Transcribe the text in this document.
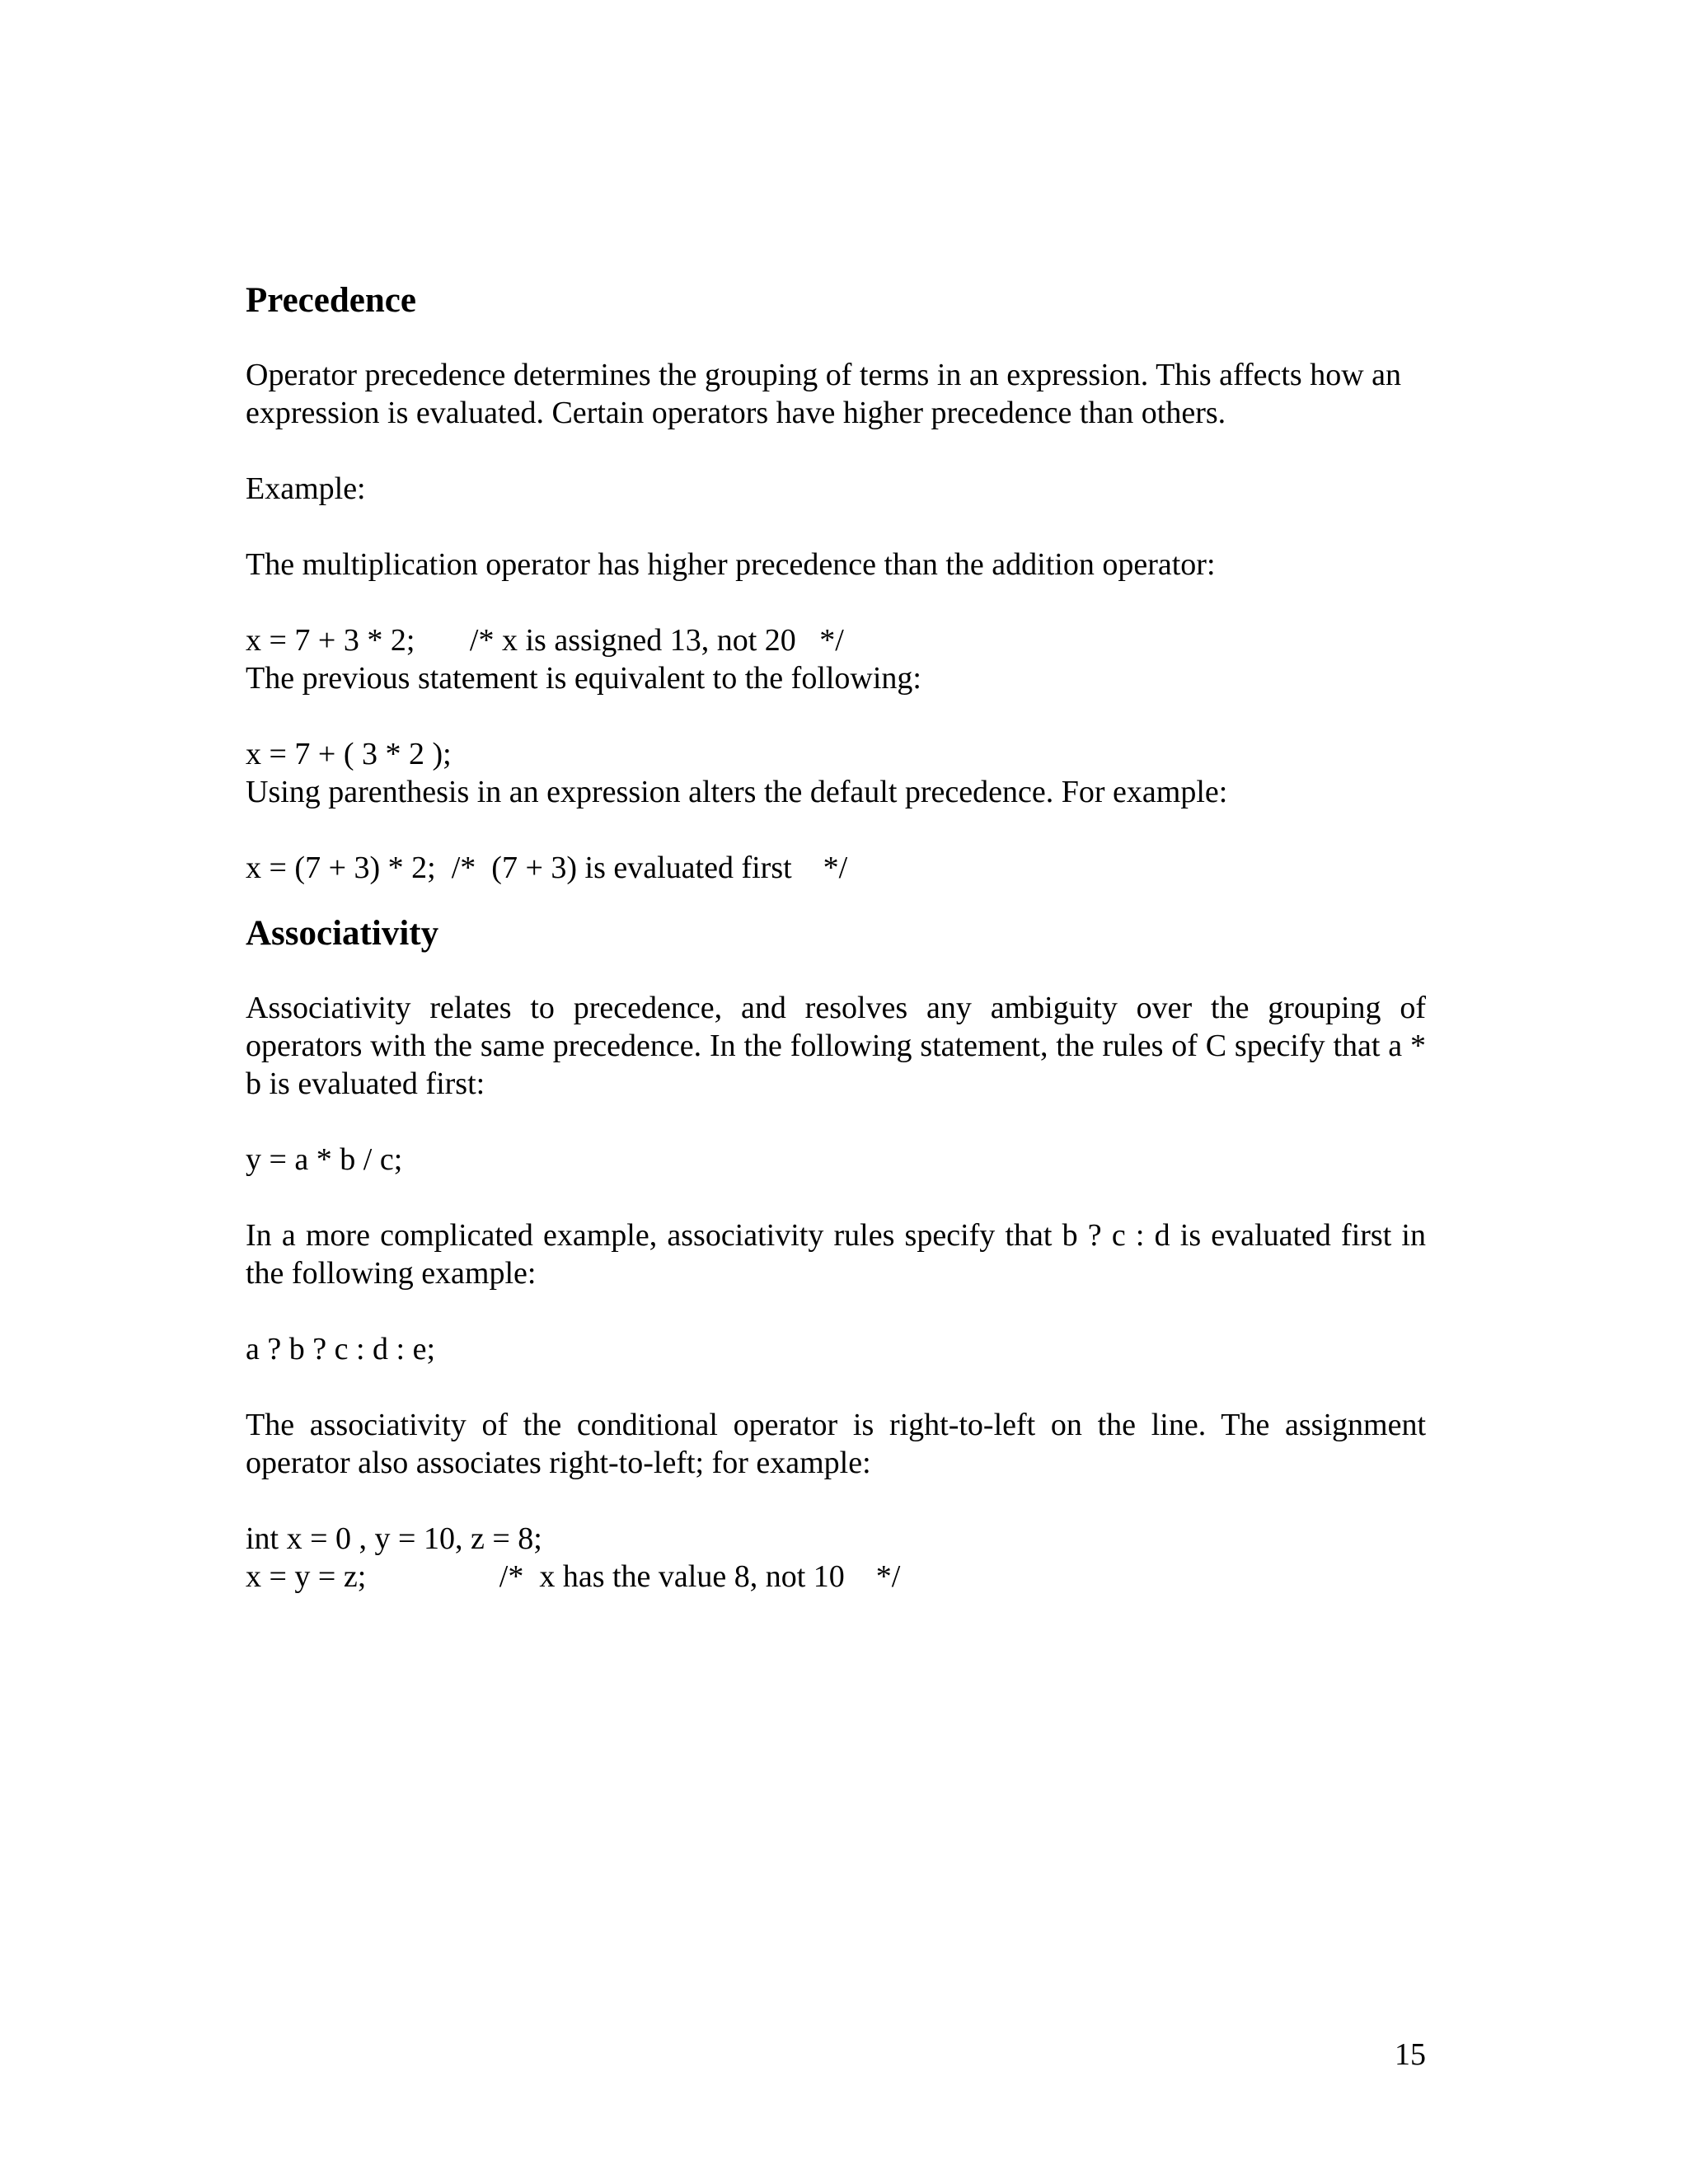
Precedence

Operator precedence determines the grouping of terms in an expression. This affects how an expression is evaluated. Certain operators have higher precedence than others.

Example:

The multiplication operator has higher precedence than the addition operator:

x = 7 + 3 * 2;       /* x is assigned 13, not 20   */

The previous statement is equivalent to the following:

x = 7 + ( 3 * 2 );

Using parenthesis in an expression alters the default precedence. For example:

x = (7 + 3) * 2;  /*  (7 + 3) is evaluated first    */

Associativity

Associativity relates to precedence, and resolves any ambiguity over the grouping of operators with the same precedence. In the following statement, the rules of C specify that a * b is evaluated first:

y = a * b / c;

In a more complicated example, associativity rules specify that b ? c : d is evaluated first in the following example:

a ? b ? c : d : e;

The associativity of the conditional operator is right-to-left on the line. The assignment operator also associates right-to-left; for example:

int x = 0 , y = 10, z = 8;

x = y = z;                 /*  x has the value 8, not 10    */

15
